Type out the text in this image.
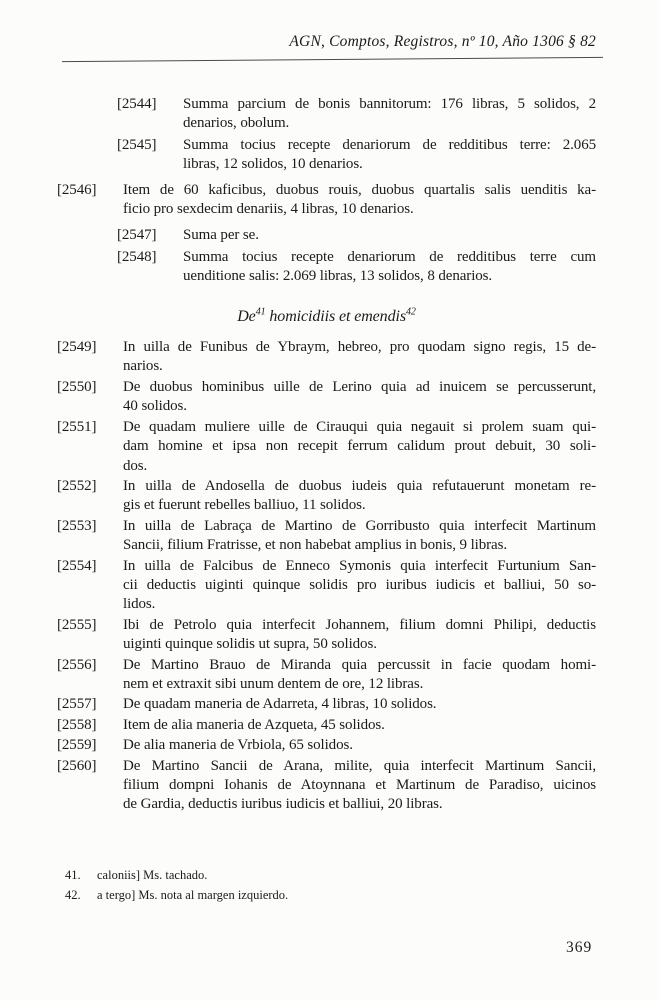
AGN, Comptos, Registros, nº 10, Año 1306 § 82
[2544]	Summa parcium de bonis bannitorum: 176 libras, 5 solidos, 2
denarios, obolum.
[2545]	Summa tocius recepte denariorum de redditibus terre: 2.065
libras, 12 solidos, 10 denarios.
[2546]	Item de 60 kaficibus, duobus rouis, duobus quartalis salis uenditis ka-
ficio pro sexdecim denariis, 4 libras, 10 denarios.
[2547]	Suma per se.
[2548]	Summa tocius recepte denariorum de redditibus terre cum
uenditione salis: 2.069 libras, 13 solidos, 8 denarios.
De$^{41}$ homicidiis et emendis$^{42}$
[2549]	In uilla de Funibus de Ybraym, hebreo, pro quodam signo regis, 15 de-
narios.
[2550]	De duobus hominibus uille de Lerino quia ad inuicem se percusserunt,
40 solidos.
[2551]	De quadam muliere uille de Cirauqui quia negauit si prolem suam qui-
dam homine et ipsa non recepit ferrum calidum prout debuit, 30 soli-
dos.
[2552]	In uilla de Andosella de duobus iudeis quia refutauerunt monetam re-
gis et fuerunt rebelles balliuo, 11 solidos.
[2553]	In uilla de Labraça de Martino de Gorribusto quia interfecit Martinum
Sancii, filium Fratrisse, et non habebat amplius in bonis, 9 libras.
[2554]	In uilla de Falcibus de Enneco Symonis quia interfecit Furtunium San-
cii deductis uiginti quinque solidis pro iuribus iudicis et balliui, 50 so-
lidos.
[2555]	Ibi de Petrolo quia interfecit Johannem, filium domni Philipi, deductis
uiginti quinque solidis ut supra, 50 solidos.
[2556]	De Martino Brauo de Miranda quia percussit in facie quodam homi-
nem et extraxit sibi unum dentem de ore, 12 libras.
[2557]	De quadam maneria de Adarreta, 4 libras, 10 solidos.
[2558]	Item de alia maneria de Azqueta, 45 solidos.
[2559]	De alia maneria de Vrbiola, 65 solidos.
[2560]	De Martino Sancii de Arana, milite, quia interfecit Martinum Sancii,
filium dompni Iohanis de Atoynnana et Martinum de Paradiso, uicinos
de Gardia, deductis iuribus iudicis et balliui, 20 libras.
41.	caloniis] Ms. tachado.
42.	a tergo] Ms. nota al margen izquierdo.
369
